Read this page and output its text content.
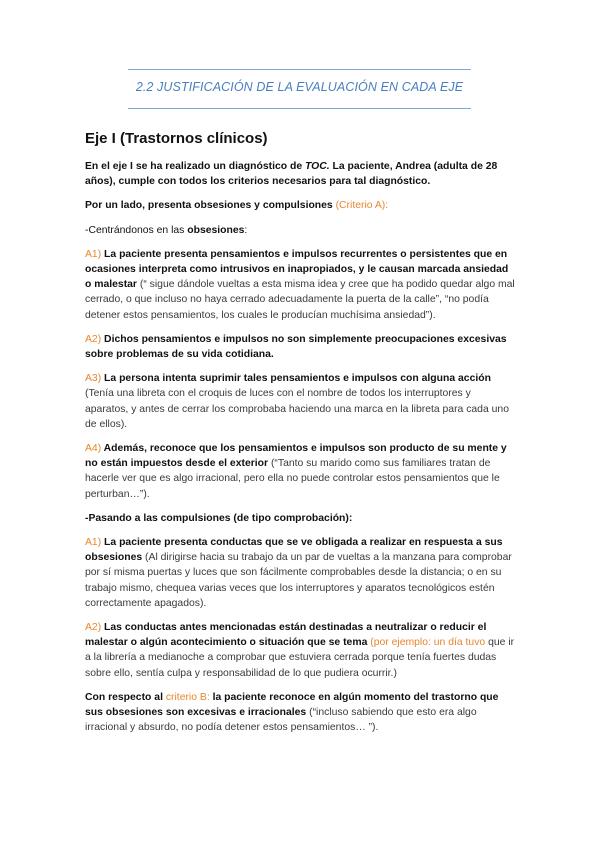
2.2 JUSTIFICACIÓN DE LA EVALUACIÓN EN CADA EJE
Eje I (Trastornos clínicos)

En el eje I se ha realizado un diagnóstico de TOC. La paciente, Andrea (adulta de 28 años), cumple con todos los criterios necesarios para tal diagnóstico.

Por un lado, presenta obsesiones y compulsiones (Criterio A):

-Centrándonos en las obsesiones:

A1) La paciente presenta pensamientos e impulsos recurrentes o persistentes que en ocasiones interpreta como intrusivos en inapropiados, y le causan marcada ansiedad o malestar (“ sigue dándole vueltas a esta misma idea y cree que ha podido quedar algo mal cerrado, o que incluso no haya cerrado adecuadamente la puerta de la calle”, “no podía detener estos pensamientos, los cuales le producían muchísima ansiedad”).

A2) Dichos pensamientos e impulsos no son simplemente preocupaciones excesivas sobre problemas de su vida cotidiana.

A3) La persona intenta suprimir tales pensamientos e impulsos con alguna acción (Tenía una libreta con el croquis de luces con el nombre de todos los interruptores y aparatos, y antes de cerrar los comprobaba haciendo una marca en la libreta para cada uno de ellos).

A4) Además, reconoce que los pensamientos e impulsos son producto de su mente y no están impuestos desde el exterior (“Tanto su marido como sus familiares tratan de hacerle ver que es algo irracional, pero ella no puede controlar estos pensamientos que le perturban…”).

-Pasando a las compulsiones (de tipo comprobación):

A1) La paciente presenta conductas que se ve obligada a realizar en respuesta a sus obsesiones (Al dirigirse hacia su trabajo da un par de vueltas a la manzana para comprobar por sí misma puertas y luces que son fácilmente comprobables desde la distancia; o en su trabajo mismo, chequea varias veces que los interruptores y aparatos tecnológicos estén correctamente apagados).

A2) Las conductas antes mencionadas están destinadas a neutralizar o reducir el malestar o algún acontecimiento o situación que se tema (por ejemplo: un día tuvo que ir a la librería a medianoche a comprobar que estuviera cerrada porque tenía fuertes dudas sobre ello, sentía culpa y responsabilidad de lo que pudiera ocurrir.)

Con respecto al criterio B: la paciente reconoce en algún momento del trastorno que sus obsesiones son excesivas e irracionales (“incluso sabiendo que esto era algo irracional y absurdo, no podía detener estos pensamientos… ”).
